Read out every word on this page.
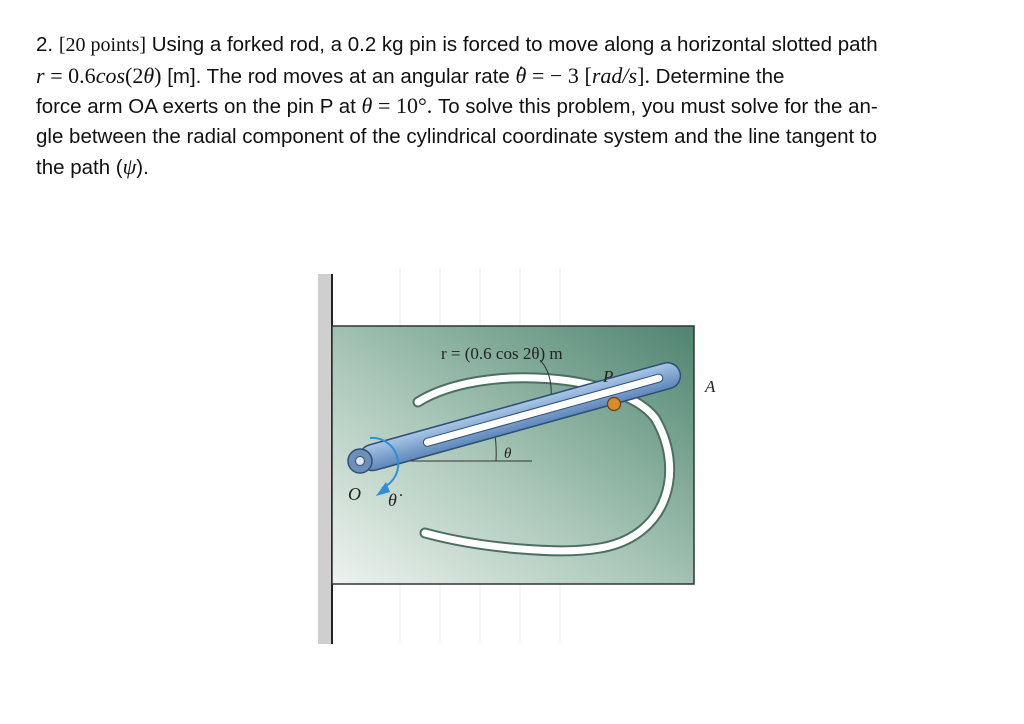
2. [20 points] Using a forked rod, a 0.2 kg pin is forced to move along a horizontal slotted path
r = 0.6cos(2θ) [m]. The rod moves at an angular rate θ . = − 3 [rad/s]. Determine the
force arm OA exerts on the pin P at θ = 10°. To solve this problem, you must solve for the an-
gle between the radial component of the cylindrical coordinate system and the line tangent to
the path (ψ).
r = (0.6 cos 2θ) m
P
A
O
θ
θ̇
